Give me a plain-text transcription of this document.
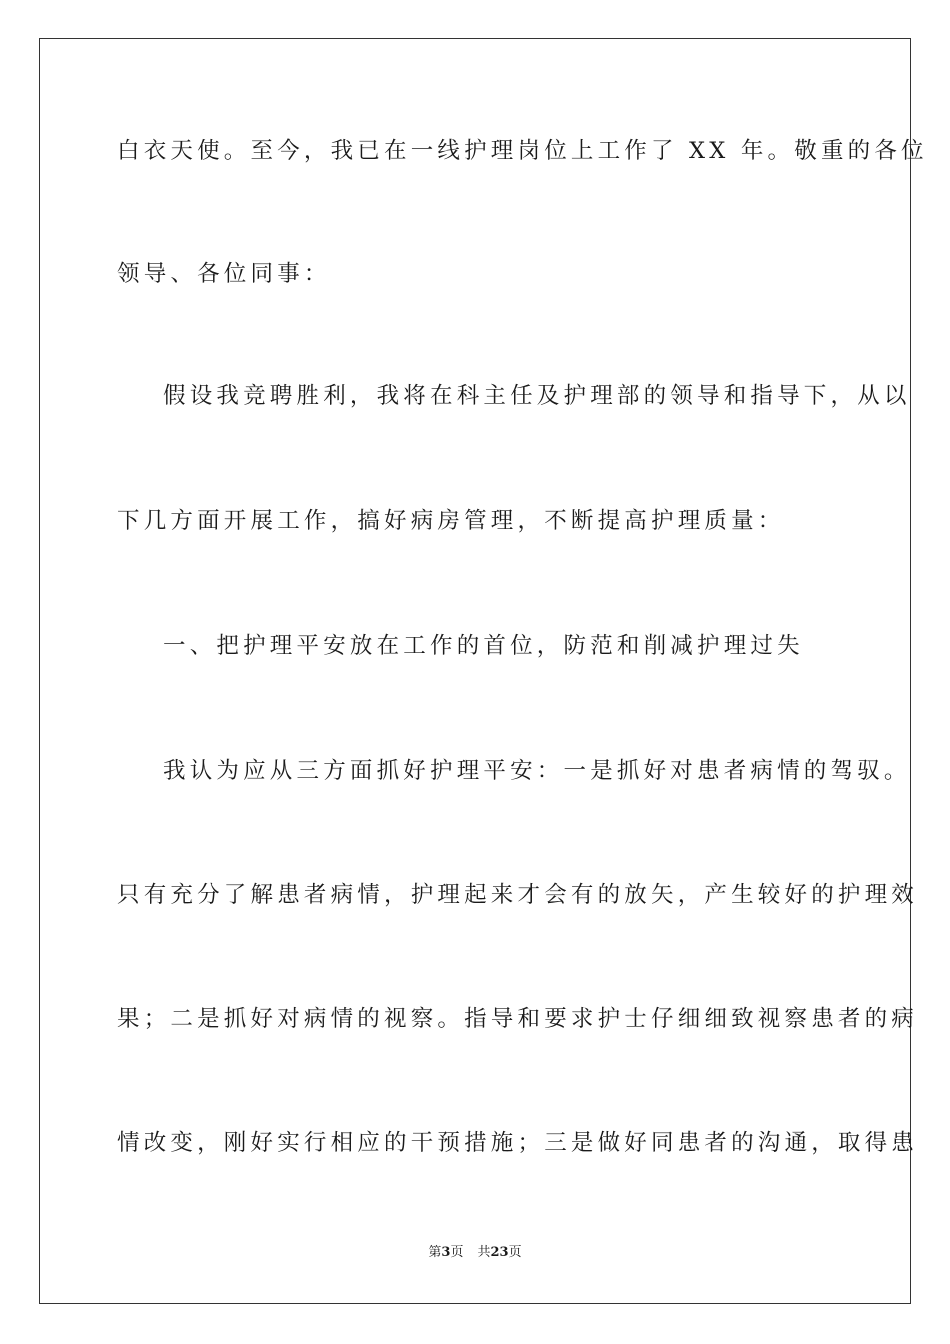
白衣天使。至今，我已在一线护理岗位上工作了 XX 年。敬重的各位
领导、各位同事：
假设我竞聘胜利，我将在科主任及护理部的领导和指导下，从以
下几方面开展工作，搞好病房管理，不断提高护理质量：
一、把护理平安放在工作的首位，防范和削减护理过失
我认为应从三方面抓好护理平安：一是抓好对患者病情的驾驭。
只有充分了解患者病情，护理起来才会有的放矢，产生较好的护理效
果；二是抓好对病情的视察。指导和要求护士仔细细致视察患者的病
情改变，刚好实行相应的干预措施；三是做好同患者的沟通，取得患
第3页 共23页
